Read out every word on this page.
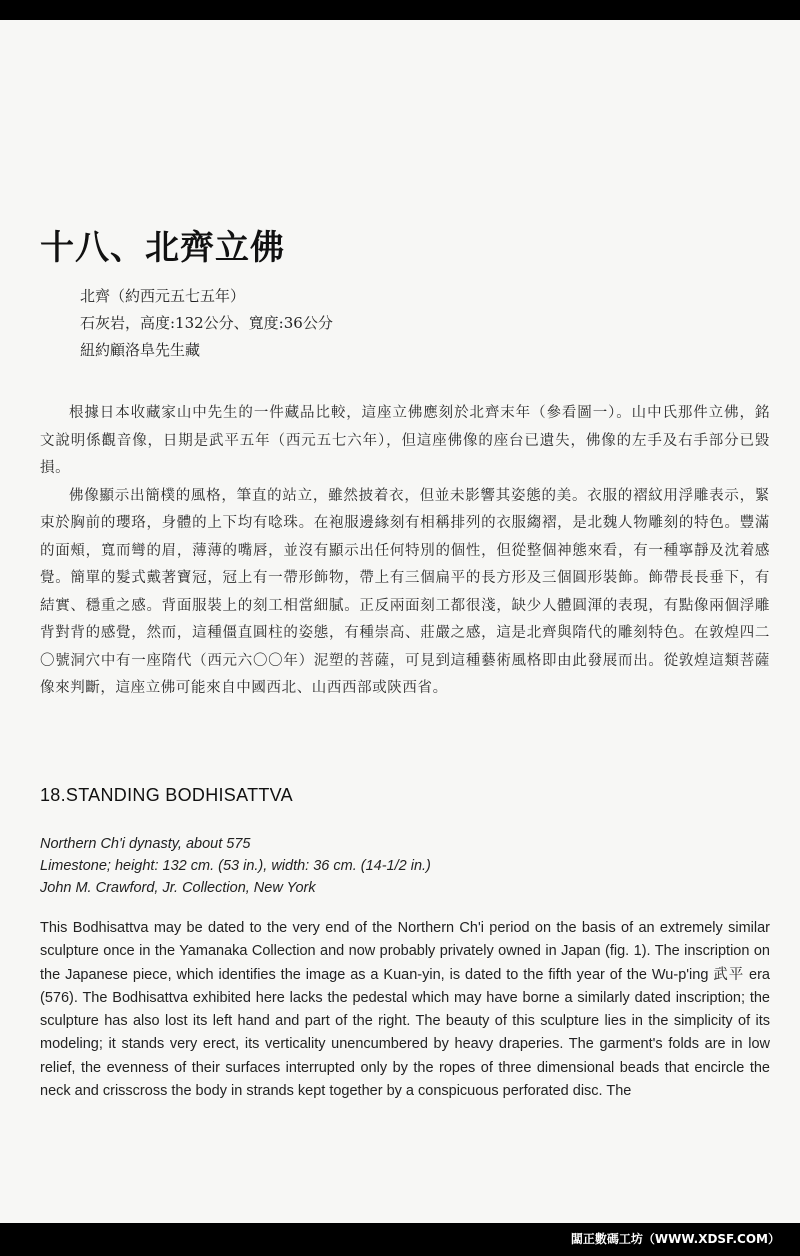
十八、北齊立佛
北齊（約西元五七五年）
石灰岩，高度:132公分、寬度:36公分
紐約顧洛阜先生藏

根據日本收藏家山中先生的一件藏品比較，這座立佛應刻於北齊末年（參看圖一）。山中氏那件立佛，銘文說明係觀音像，日期是武平五年（西元五七六年），但這座佛像的座台已遺失，佛像的左手及右手部分已毀損。

佛像顯示出簡樸的風格，筆直的站立，雖然披着衣，但並未影響其姿態的美。衣服的褶紋用浮雕表示，緊束於胸前的瓔珞，身體的上下均有唸珠。在袍服邊緣刻有相稱排列的衣服縐褶，是北魏人物雕刻的特色。豐滿的面頰，寬而彎的眉，薄薄的嘴唇，並沒有顯示出任何特別的個性，但從整個神態來看，有一種寧靜及沈着感覺。簡單的髮式戴著寶冠，冠上有一帶形飾物，帶上有三個扁平的長方形及三個圓形裝飾。飾帶長長垂下，有結實、穩重之感。背面服裝上的刻工相當細膩。正反兩面刻工都很淺，缺少人體圓渾的表現，有點像兩個浮雕背對背的感覺，然而，這種僵直圓柱的姿態，有種崇高、莊嚴之感，這是北齊與隋代的雕刻特色。在敦煌四二〇號洞穴中有一座隋代（西元六〇〇年）泥塑的菩薩，可見到這種藝術風格即由此發展而出。從敦煌這類菩薩像來判斷，這座立佛可能來自中國西北、山西西部或陝西省。

18.STANDING BODHISATTVA
Northern Ch'i dynasty, about 575
Limestone; height: 132 cm. (53 in.), width: 36 cm. (14-1/2 in.)
John M. Crawford, Jr. Collection, New York

This Bodhisattva may be dated to the very end of the Northern Ch'i period on the basis of an extremely similar sculpture once in the Yamanaka Collection and now probably privately owned in Japan (fig. 1). The inscription on the Japanese piece, which identifies the image as a Kuan-yin, is dated to the fifth year of the Wu-p'ing 武平 era (576). The Bodhisattva exhibited here lacks the pedestal which may have borne a similarly dated inscription; the sculpture has also lost its left hand and part of the right. The beauty of this sculpture lies in the simplicity of its modeling; it stands very erect, its verticality unencumbered by heavy draperies. The garment's folds are in low relief, the evenness of their surfaces interrupted only by the ropes of three dimensional beads that encircle the neck and crisscross the body in strands kept together by a conspicuous perforated disc. The

闆正數碼工坊（WWW.XDSF.COM）
